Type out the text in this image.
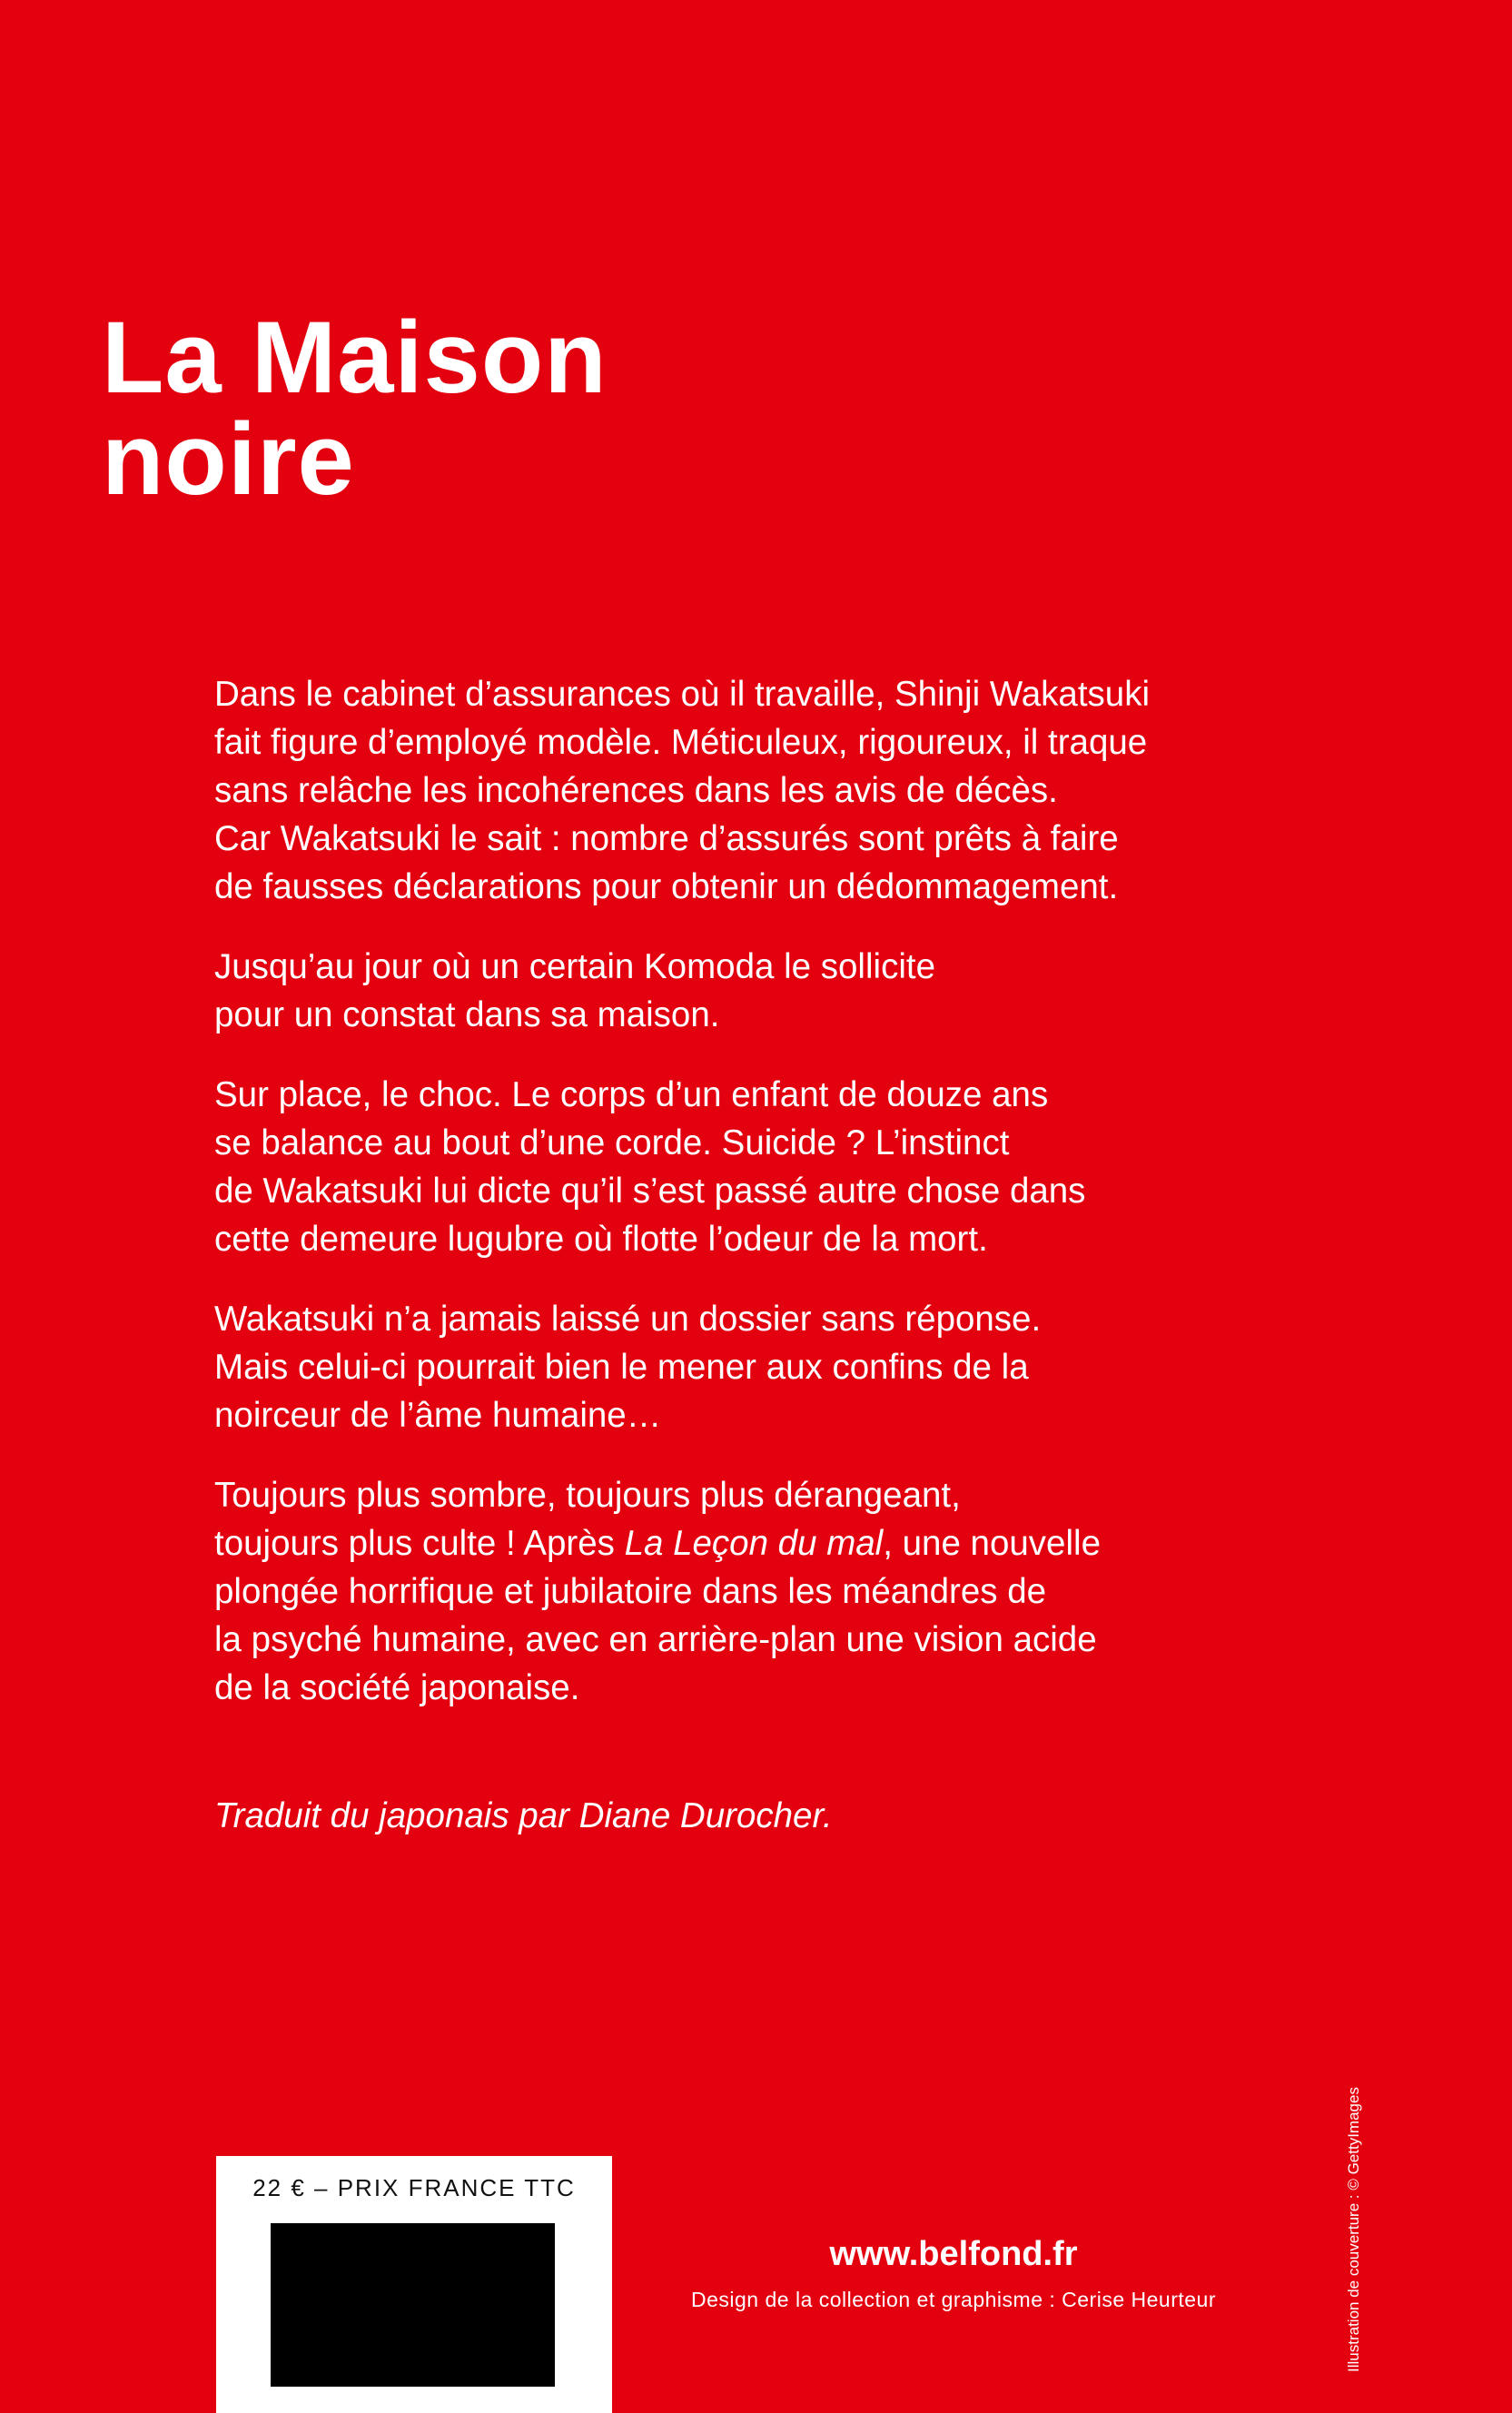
La Maison
noire

Dans le cabinet d’assurances où il travaille, Shinji Wakatsuki
fait figure d’employé modèle. Méticuleux, rigoureux, il traque
sans relâche les incohérences dans les avis de décès.
Car Wakatsuki le sait : nombre d’assurés sont prêts à faire
de fausses déclarations pour obtenir un dédommagement.

Jusqu’au jour où un certain Komoda le sollicite
pour un constat dans sa maison.

Sur place, le choc. Le corps d’un enfant de douze ans
se balance au bout d’une corde. Suicide ? L’instinct
de Wakatsuki lui dicte qu’il s’est passé autre chose dans
cette demeure lugubre où flotte l’odeur de la mort.

Wakatsuki n’a jamais laissé un dossier sans réponse.
Mais celui-ci pourrait bien le mener aux confins de la
noirceur de l’âme humaine…

Toujours plus sombre, toujours plus dérangeant,
toujours plus culte ! Après La Leçon du mal, une nouvelle
plongée horrifique et jubilatoire dans les méandres de
la psyché humaine, avec en arrière-plan une vision acide
de la société japonaise.

Traduit du japonais par Diane Durocher.
Illustration de couverture : © GettyImages
22 € – PRIX FRANCE TTC
www.belfond.fr
Design de la collection et graphisme : Cerise Heurteur
